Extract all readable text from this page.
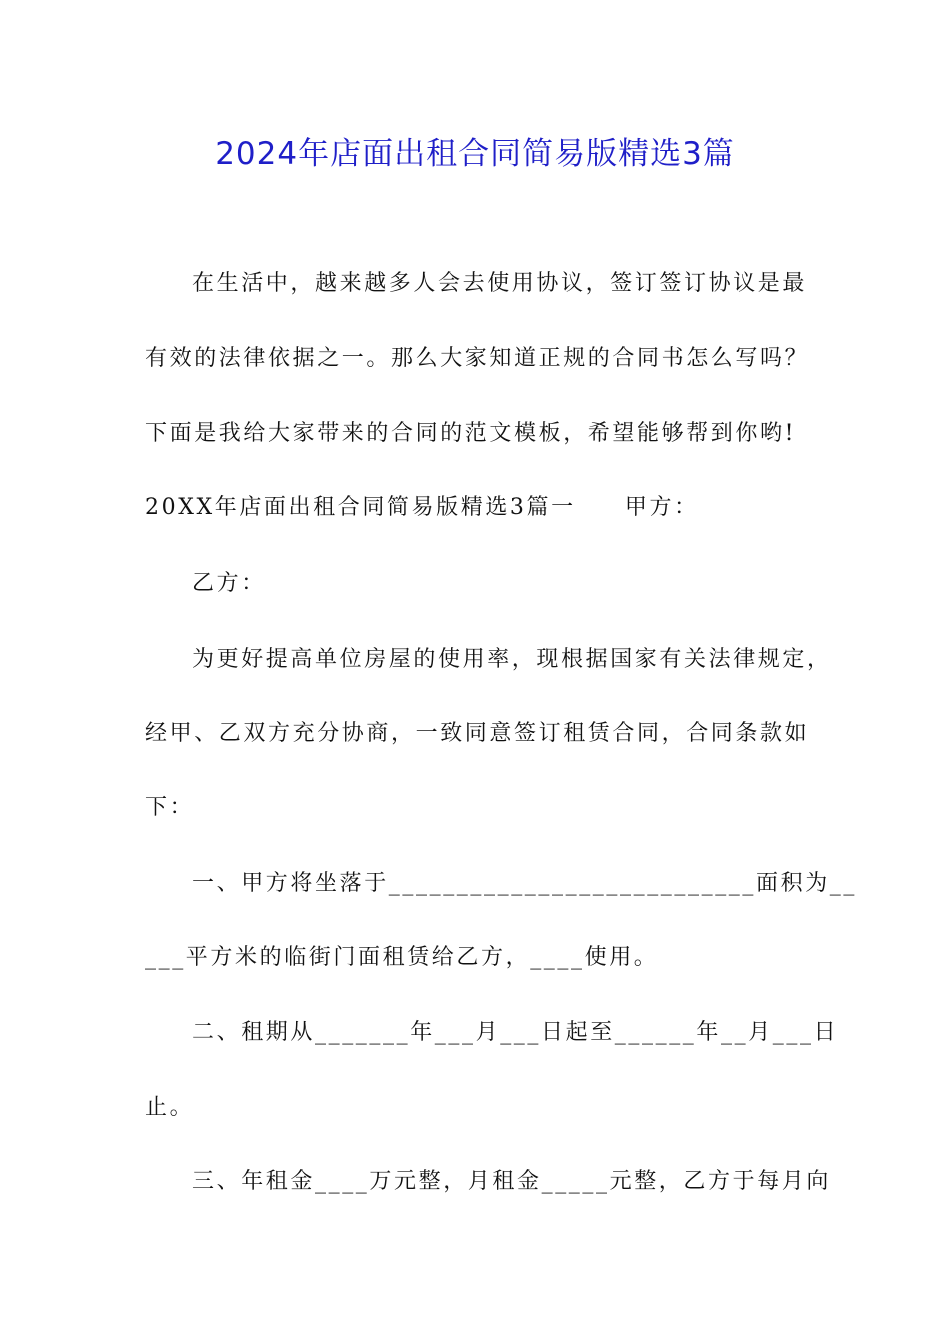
2024年店面出租合同简易版精选3篇
在生活中，越来越多人会去使用协议，签订签订协议是最
有效的法律依据之一。那么大家知道正规的合同书怎么写吗？
下面是我给大家带来的合同的范文模板，希望能够帮到你哟!
20XX年店面出租合同简易版精选3篇一　　甲方：
乙方：
为更好提高单位房屋的使用率，现根据国家有关法律规定，
经甲、乙双方充分协商，一致同意签订租赁合同，合同条款如
下：
一、甲方将坐落于___________________________面积为__
___平方米的临街门面租赁给乙方，____使用。
二、租期从_______年___月___日起至______年__月___日
止。
三、年租金____万元整，月租金_____元整，乙方于每月向
